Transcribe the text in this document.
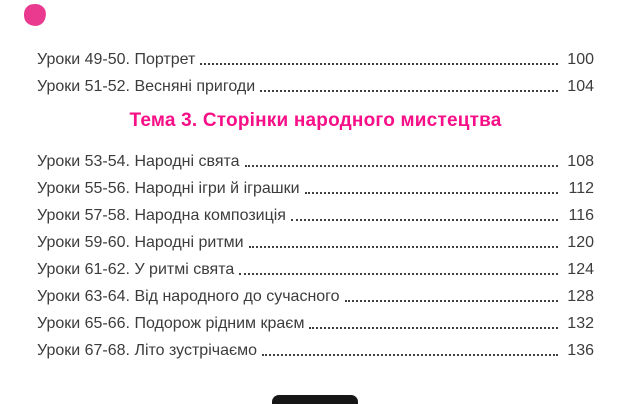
Уроки 49-50. Портрет	100
Уроки 51-52. Весняні пригоди	104
Тема 3. Сторінки народного мистецтва
Уроки 53-54. Народні свята	108
Уроки 55-56. Народні ігри й іграшки	112
Уроки 57-58. Народна композиція	116
Уроки 59-60. Народні ритми	120
Уроки 61-62. У ритмі свята	124
Уроки 63-64. Від народного до сучасного	128
Уроки 65-66. Подорож рідним краєм	132
Уроки 67-68. Літо зустрічаємо	136
